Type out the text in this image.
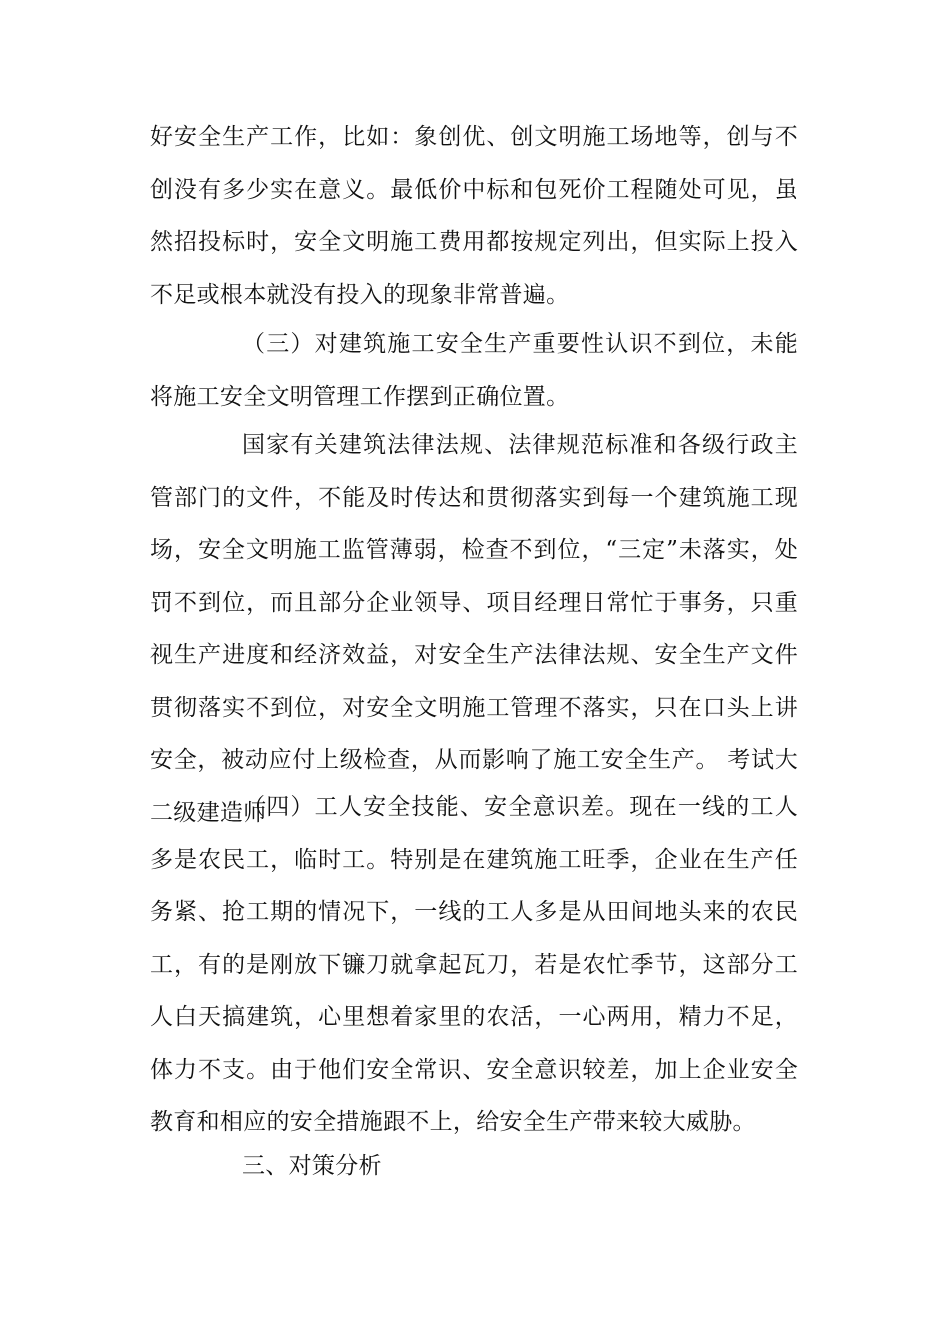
好安全生产工作，比如：象创优、创文明施工场地等，创与不创没有多少实在意义。最低价中标和包死价工程随处可见，虽然招投标时，安全文明施工费用都按规定列出，但实际上投入不足或根本就没有投入的现象非常普遍。

（三）对建筑施工安全生产重要性认识不到位，未能将施工安全文明管理工作摆到正确位置。

国家有关建筑法律法规、法律规范标准和各级行政主管部门的文件，不能及时传达和贯彻落实到每一个建筑施工现场，安全文明施工监管薄弱，检查不到位，“三定”未落实，处罚不到位，而且部分企业领导、项目经理日常忙于事务，只重视生产进度和经济效益，对安全生产法律法规、安全生产文件贯彻落实不到位，对安全文明施工管理不落实，只在口头上讲安全，被动应付上级检查，从而影响了施工安全生产。 考试大二级建造师

（四）工人安全技能、安全意识差。现在一线的工人多是农民工，临时工。特别是在建筑施工旺季，企业在生产任务紧、抢工期的情况下，一线的工人多是从田间地头来的农民工，有的是刚放下镰刀就拿起瓦刀，若是农忙季节，这部分工人白天搞建筑，心里想着家里的农活，一心两用，精力不足，体力不支。由于他们安全常识、安全意识较差，加上企业安全教育和相应的安全措施跟不上，给安全生产带来较大威胁。

三、对策分析
